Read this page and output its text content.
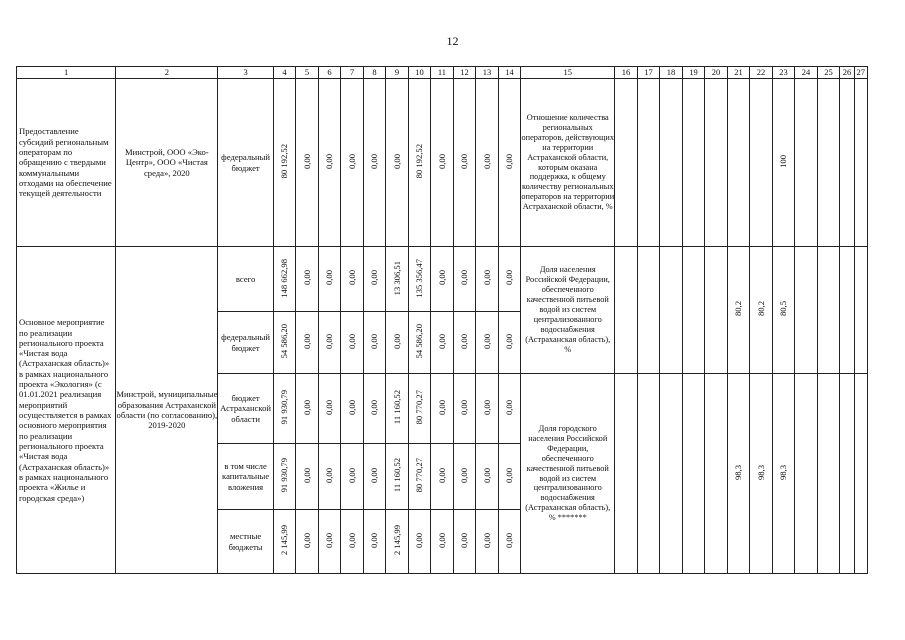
12
1	2	3	4	5	6	7	8	9	10	11	12	13	14	15	16	17	18	19	20	21	22	23	24	25	26	27
Предоставление субсидий региональным операторам по обращению с твердыми коммунальными отходами на обеспечение текущей деятельности	Минстрой, ООО «Эко-Центр», ООО «Чистая среда», 2020	федеральный бюджет	80 192,52	0,00	0,00	0,00	0,00	0,00	80 192,52	0,00	0,00	0,00	0,00	Отношение количества региональных операторов, действующих на территории Астраханской области, которым оказана поддержка, к общему количеству региональных операторов на территории Астраханской области, %								100				
Основное мероприятие по реализации регионального проекта «Чистая вода (Астраханская область)» в рамках национального проекта «Экология» (с 01.01.2021 реализация мероприятий осуществляется в рамках основного мероприятия по реализации регионального проекта «Чистая вода (Астраханская область)» в рамках национального проекта «Жилье и городская среда»)	Минстрой, муниципальные образования Астраханской области (по согласованию), 2019-2020	всего	148 662,98	0,00	0,00	0,00	0,00	13 306,51	135 356,47	0,00	0,00	0,00	0,00	Доля населения Российской Федерации, обеспеченного качественной питьевой водой из систем централизованного водоснабжения (Астраханская область), %						80,2	80,2	80,5				
		федеральный бюджет	54 586,20	0,00	0,00	0,00	0,00	0,00	54 586,20	0,00	0,00	0,00	0,00													
		бюджет Астраханской области	91 930,79	0,00	0,00	0,00	0,00	11 160,52	80 770,27	0,00	0,00	0,00	0,00	Доля городского населения Российской Федерации, обеспеченного качественной питьевой водой из систем централизованного водоснабжения (Астраханская область), % *******						98,3	98,3	98,3				
		в том числе капитальные вложения	91 930,79	0,00	0,00	0,00	0,00	11 160,52	80 770,27	0,00	0,00	0,00	0,00													
		местные бюджеты	2 145,99	0,00	0,00	0,00	0,00	2 145,99	0,00	0,00	0,00	0,00	0,00													
